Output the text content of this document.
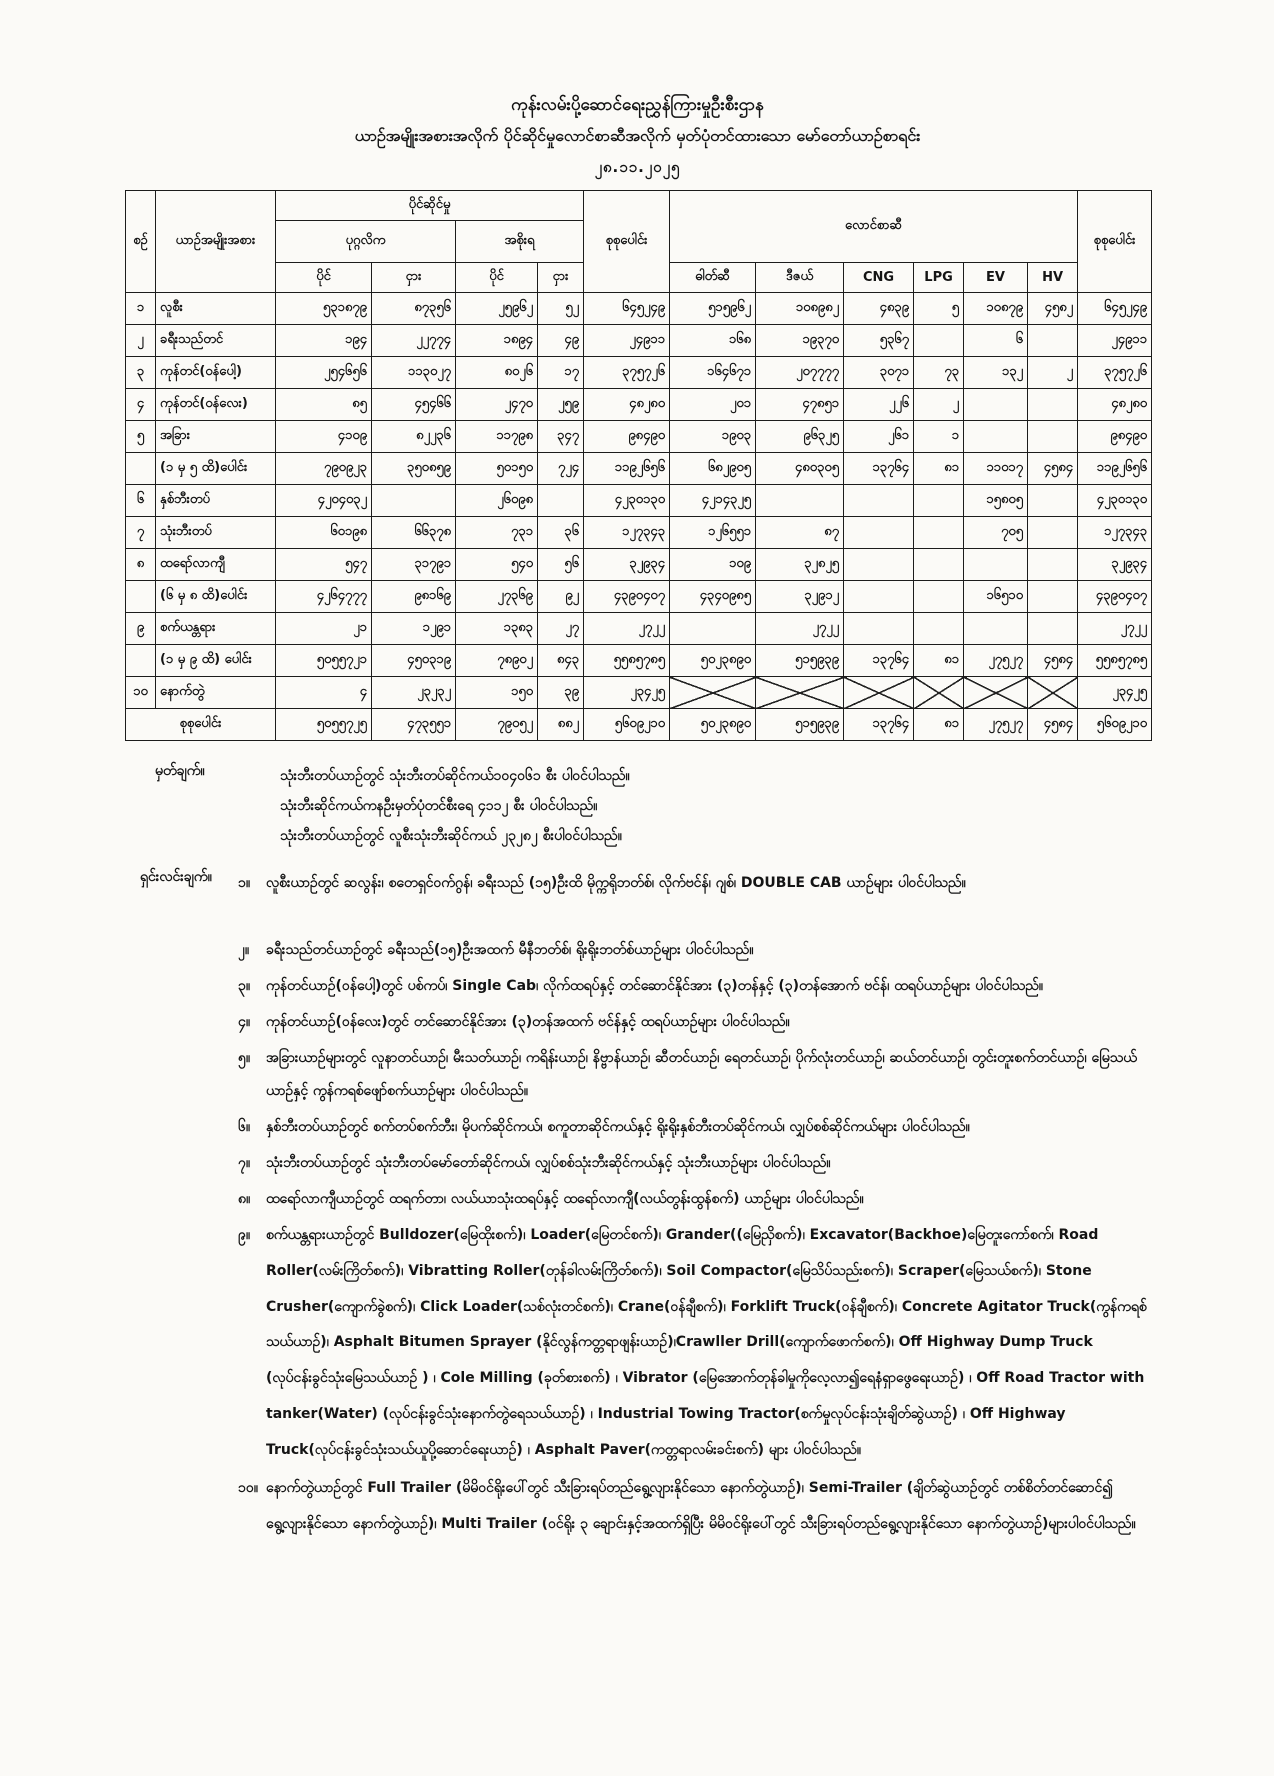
ကုန်းလမ်းပို့ဆောင်ရေးညွှန်ကြားမှုဦးစီးဌာန
ယာဉ်အမျိုးအစားအလိုက် ပိုင်ဆိုင်မှုလောင်စာဆီအလိုက် မှတ်ပုံတင်ထားသော မော်တော်ယာဉ်စာရင်း
၂၈.၁၁.၂၀၂၅
စဉ်	ယာဉ်အမျိုးအစား	ပိုင်ဆိုင်မှု				စုစုပေါင်း	လောင်စာဆီ						စုစုပေါင်း
		ပုဂ္ဂလိက		အစိုးရ									
		ပိုင်	ငှား	ပိုင်	ငှား		ဓါတ်ဆီ	ဒီဇယ်	CNG	LPG	EV	HV	
၁	လူစီး	၅၃၁၈၇၉	၈၇၃၅၆	၂၅၉၆၂	၅၂	၆၄၅၂၄၉	၅၁၅၉၆၂	၁၀၈၉၈၂	၄၈၃၉	၅	၁၀၈၇၉	၄၅၈၂	၆၄၅၂၄၉
၂	ခရီးသည်တင်	၁၉၄	၂၂၇၇၄	၁၈၉၄	၄၉	၂၄၉၁၁	၁၆၈	၁၉၃၇၀	၅၃၆၇		၆		၂၄၉၁၁
၃	ကုန်တင်(ဝန်ပေါ့)	၂၅၄၆၅၆	၁၁၃၀၂၇	၈၀၂၆	၁၇	၃၇၅၇၂၆	၁၆၄၆၇၁	၂၀၇၇၇၇	၃၀၇၁	၇၃	၁၃၂	၂	၃၇၅၇၂၆
၄	ကုန်တင်(ဝန်လေး)	၈၅	၄၅၄၆၆	၂၄၇၀	၂၅၉	၄၈၂၈၀	၂၀၁	၄၇၈၅၁	၂၂၆	၂			၄၈၂၈၀
၅	အခြား	၄၁၀၉	၈၂၂၃၆	၁၁၇၉၈	၃၄၇	၉၈၄၉၀	၁၉၀၃	၉၆၃၂၅	၂၆၁	၁			၉၈၄၉၀
	(၁ မှ ၅ ထိ)ပေါင်း	၇၉၀၉၂၃	၃၅၀၈၅၉	၅၀၁၅၀	၇၂၄	၁၁၉၂၆၅၆	၆၈၂၉၀၅	၄၈၀၃၀၅	၁၃၇၆၄	၈၁	၁၁၀၁၇	၄၅၈၄	၁၁၉၂၆၅၆
၆	နှစ်ဘီးတပ်	၄၂၀၄၀၃၂		၂၆၀၉၈		၄၂၃၀၁၃၀	၄၂၁၄၃၂၅				၁၅၈၀၅		၄၂၃၀၁၃၀
၇	သုံးဘီးတပ်	၆၀၁၉၈	၆၆၃၇၈	၇၃၁	၃၆	၁၂၇၃၄၃	၁၂၆၅၅၁	၈၇			၇၀၅		၁၂၇၃၄၃
၈	ထရော်လာကျီ	၅၄၇	၃၁၇၉၁	၅၄၀	၅၆	၃၂၉၃၄	၁၀၉	၃၂၈၂၅					၃၂၉၃၄
	(၆ မှ ၈ ထိ)ပေါင်း	၄၂၆၄၇၇၇	၉၈၁၆၉	၂၇၃၆၉	၉၂	၄၃၉၀၄၀၇	၄၃၄၀၉၈၅	၃၂၉၁၂			၁၆၅၁၀		၄၃၉၀၄၀၇
၉	စက်ယန္တရား	၂၁	၁၂၉၁	၁၃၈၃	၂၇	၂၇၂၂		၂၇၂၂					၂၇၂၂
	(၁ မှ ၉ ထိ) ပေါင်း	၅၀၅၅၇၂၁	၄၅၀၃၁၉	၇၈၉၀၂	၈၄၃	၅၅၈၅၇၈၅	၅၀၂၃၈၉၀	၅၁၅၉၃၉	၁၃၇၆၄	၈၁	၂၇၅၂၇	၄၅၈၄	၅၅၈၅၇၈၅
၁၀	နောက်တွဲ	၄	၂၃၂၃၂	၁၅၀	၃၉	၂၃၄၂၅							၂၃၄၂၅
စုစုပေါင်း		၅၀၅၅၇၂၅	၄၇၃၅၅၁	၇၉၀၅၂	၈၈၂	၅၆၀၉၂၁၀	၅၀၂၃၈၉၀	၅၁၅၉၃၉	၁၃၇၆၄	၈၁	၂၇၅၂၇	၄၅၈၄	၅၆၀၉၂၁၀
မှတ်ချက်။	သုံးဘီးတပ်ယာဉ်တွင် သုံးဘီးတပ်ဆိုင်ကယ်၁၀၄၀၆၁ စီး ပါဝင်ပါသည်။
သုံးဘီးဆိုင်ကယ်ကနဦးမှတ်ပုံတင်စီးရေ ၄၁၁၂ စီး ပါဝင်ပါသည်။
သုံးဘီးတပ်ယာဉ်တွင် လူစီးသုံးဘီးဆိုင်ကယ် ၂၃၂၈၂ စီးပါဝင်ပါသည်။
ရှင်းလင်းချက်။	၁။	လူစီးယာဉ်တွင် ဆလွန်း၊ စတေရှင်ဝက်ဂွန်၊ ခရီးသည် (၁၅)ဦးထိ မိုက္ကရိုဘတ်စ်၊ လိုက်ဗင်န်၊ ဂျစ်၊ DOUBLE CAB ယာဉ်များ ပါဝင်ပါသည်။
၂။	ခရီးသည်တင်ယာဉ်တွင် ခရီးသည်(၁၅)ဦးအထက် မီနီဘတ်စ်၊ ရိုးရိုးဘတ်စ်ယာဉ်များ ပါဝင်ပါသည်။
၃။	ကုန်တင်ယာဉ်(ဝန်ပေါ့)တွင် ပစ်ကပ်၊ Single Cab၊ လိုက်ထရပ်နှင့် တင်ဆောင်နိုင်အား (၃)တန်နှင့် (၃)တန်အောက် ဗင်န်၊ ထရပ်ယာဉ်များ ပါဝင်ပါသည်။
၄။	ကုန်တင်ယာဉ်(ဝန်လေး)တွင် တင်ဆောင်နိုင်အား (၃)တန်အထက် ဗင်န်နှင့် ထရပ်ယာဉ်များ ပါဝင်ပါသည်။
၅။	အခြားယာဉ်များတွင် လူနာတင်ယာဉ်၊ မီးသတ်ယာဉ်၊ ကရိန်းယာဉ်၊ နိဗ္ဗာန်ယာဉ်၊ ဆီတင်ယာဉ်၊ ရေတင်ယာဉ်၊ ပိုက်လုံးတင်ယာဉ်၊ ဆယ်တင်ယာဉ်၊ တွင်းတူးစက်တင်ယာဉ်၊ မြေသယ်ယာဉ်နှင့် ကွန်ကရစ်ဖျော်စက်ယာဉ်များ ပါဝင်ပါသည်။
၆။	နှစ်ဘီးတပ်ယာဉ်တွင် စက်တပ်စက်ဘီး၊ မိုပက်ဆိုင်ကယ်၊ စကူတာဆိုင်ကယ်နှင့် ရိုးရိုးနှစ်ဘီးတပ်ဆိုင်ကယ်၊ လျှပ်စစ်ဆိုင်ကယ်များ ပါဝင်ပါသည်။
၇။	သုံးဘီးတပ်ယာဉ်တွင် သုံးဘီးတပ်မော်တော်ဆိုင်ကယ်၊ လျှပ်စစ်သုံးဘီးဆိုင်ကယ်နှင့် သုံးဘီးယာဉ်များ ပါဝင်ပါသည်။
၈။	ထရော်လာကျီယာဉ်တွင် ထရက်တာ၊ လယ်ယာသုံးထရပ်နှင့် ထရော်လာကျီ(လယ်တွန်းထွန်စက်) ယာဉ်များ ပါဝင်ပါသည်။
၉။	စက်ယန္တရားယာဉ်တွင် Bulldozer(မြေထိုးစက်)၊ Loader(မြေတင်စက်)၊ Grander((မြေညှိစက်)၊ Excavator(Backhoe)မြေတူးကော်စက်၊ Road Roller(လမ်းကြိတ်စက်)၊ Vibratting Roller(တုန်ခါလမ်းကြိတ်စက်)၊ Soil Compactor(မြေသိပ်သည်းစက်)၊ Scraper(မြေသယ်စက်)၊ Stone Crusher(ကျောက်ခွဲစက်)၊ Click Loader(သစ်လုံးတင်စက်)၊ Crane(ဝန်ချီစက်)၊ Forklift Truck(ဝန်ချီစက်)၊ Concrete Agitator Truck(ကွန်ကရစ်သယ်ယာဉ်)၊ Asphalt Bitumen Sprayer (နိုင်လွန်ကတ္တရာဖျန်းယာဉ်)၊Crawller Drill(ကျောက်ဖောက်စက်)၊ Off Highway Dump Truck (လုပ်ငန်းခွင်သုံးမြေသယ်ယာဉ် ) ၊ Cole Milling (ခုတ်စားစက်) ၊ Vibrator (မြေအောက်တုန်ခါမှုကိုလေ့လာ၍ရေနံရှာဖွေရေးယာဉ်) ၊ Off Road Tractor with tanker(Water) (လုပ်ငန်းခွင်သုံးနောက်တွဲရေသယ်ယာဉ်) ၊ Industrial Towing Tractor(စက်မှုလုပ်ငန်းသုံးချိတ်ဆွဲယာဉ်) ၊ Off Highway Truck(လုပ်ငန်းခွင်သုံးသယ်ယူပို့ဆောင်ရေးယာဉ်) ၊ Asphalt Paver(ကတ္တရာလမ်းခင်းစက်) များ ပါဝင်ပါသည်။
၁၀။ နောက်တွဲယာဉ်တွင် Full Trailer (မိမိဝင်ရိုးပေါ်တွင် သီးခြားရပ်တည်ရွေ့လျားနိုင်သော နောက်တွဲယာဉ်)၊ Semi-Trailer (ချိတ်ဆွဲယာဉ်တွင် တစ်စိတ်တင်ဆောင်၍ ရွေ့လျားနိုင်သော နောက်တွဲယာဉ်)၊ Multi Trailer (ဝင်ရိုး ၃ ချောင်းနှင့်အထက်ရှိပြီး မိမိဝင်ရိုးပေါ်တွင် သီးခြားရပ်တည်ရွေ့လျားနိုင်သော နောက်တွဲယာဉ်)များပါဝင်ပါသည်။
